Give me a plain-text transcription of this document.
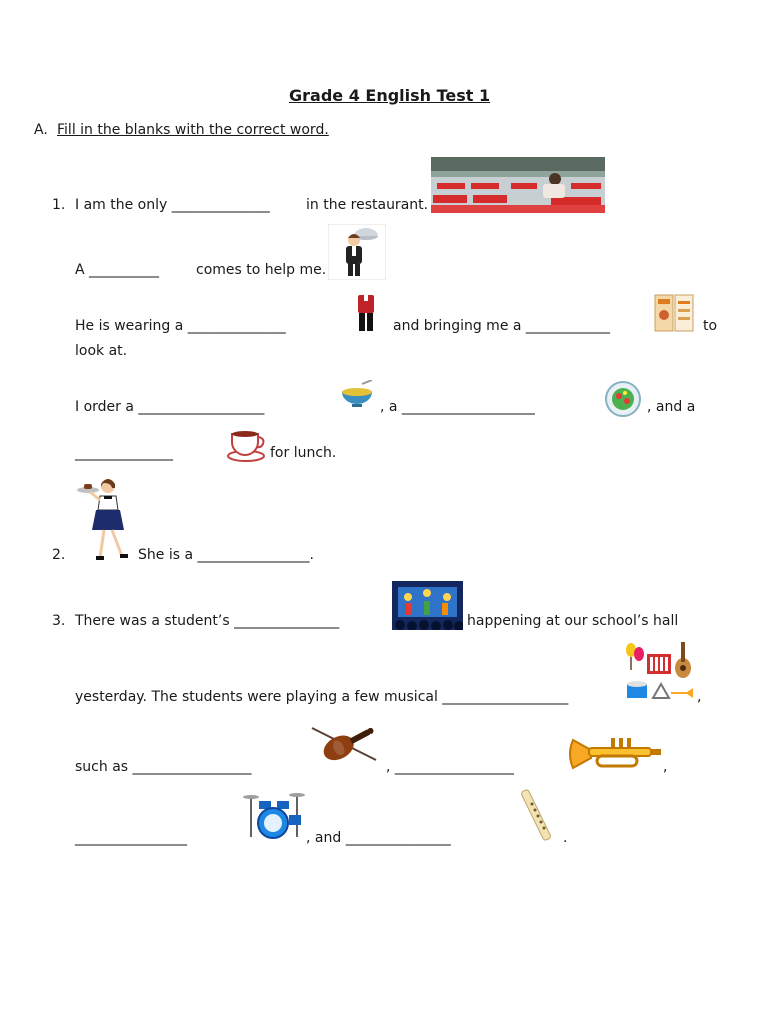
Grade 4 English Test 1
A. Fill in the blanks with the correct word.
1. I am the only ______________	in the restaurant.
A __________	comes to help me.
He is wearing a ______________	and bringing me a ____________	to
look at.
I order a __________________	, a ___________________	, and a
______________	for lunch.
2.	She is a ________________.
3. There was a student’s _______________	happening at our school’s hall
yesterday. The students were playing a few musical __________________	,
such as _________________	, _________________	,
________________	, and _______________	.
